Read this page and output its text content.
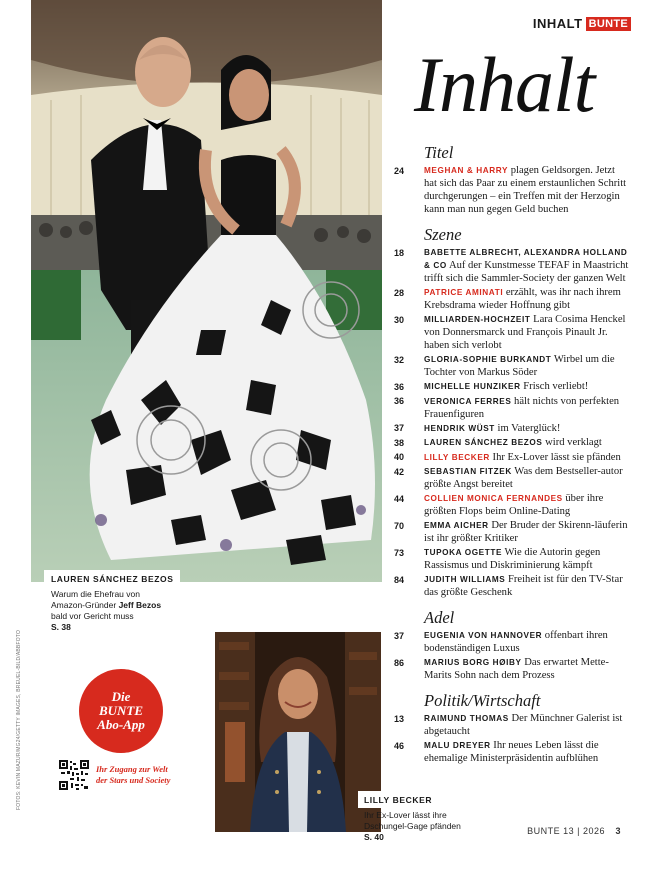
INHALT BUNTE
Inhalt
LAUREN SÁNCHEZ BEZOS
Warum die Ehefrau von
Amazon-Gründer Jeff Bezos
bald vor Gericht muss
S. 38
FOTOS: KEVIN MAZUR/MG24/GETTY IMAGES, BREUEL-BILD/ABBFOTO	Die
BUNTE
Abo-App
Ihr Zugang zur Welt
der Stars und Society
LILLY BECKER
Ihr Ex-Lover lässt ihre
Dschungel-Gage pfänden
S. 40
Titel
24	MEGHAN & HARRY plagen Geldsorgen. Jetzt hat sich das Paar zu einem erstaunlichen Schritt durchgerungen – ein Treffen mit der Herzogin kann man nun gegen Geld buchen
Szene
18	BABETTE ALBRECHT, ALEXANDRA HOLLAND & CO Auf der Kunstmesse TEFAF in Maastricht trifft sich die Sammler-Society der ganzen Welt
28	PATRICE AMINATI erzählt, was ihr nach ihrem Krebsdrama wieder Hoffnung gibt
30	MILLIARDEN-HOCHZEIT Lara Cosima Henckel von Donnersmarck und François Pinault Jr. haben sich verlobt
32	GLORIA-SOPHIE BURKANDT Wirbel um die Tochter von Markus Söder
36	MICHELLE HUNZIKER Frisch verliebt!
36	VERONICA FERRES hält nichts von perfekten Frauenfiguren
37	HENDRIK WÜST im Vaterglück!
38	LAUREN SÁNCHEZ BEZOS wird verklagt
40	LILLY BECKER Ihr Ex-Lover lässt sie pfänden
42	SEBASTIAN FITZEK Was dem Bestseller-autor größte Angst bereitet
44	COLLIEN MONICA FERNANDES über ihre größten Flops beim Online-Dating
70	EMMA AICHER Der Bruder der Skirenn-läuferin ist ihr größter Kritiker
73	TUPOKA OGETTE Wie die Autorin gegen Rassismus und Diskriminierung kämpft
84	JUDITH WILLIAMS Freiheit ist für den TV-Star das größte Geschenk
Adel
37	EUGENIA VON HANNOVER offenbart ihren bodenständigen Luxus
86	MARIUS BORG HØIBY Das erwartet Mette-Marits Sohn nach dem Prozess
Politik/Wirtschaft
13	RAIMUND THOMAS Der Münchner Galerist ist abgetaucht
46	MALU DREYER Ihr neues Leben lässt die ehemalige Ministerpräsidentin aufblühen
BUNTE 13 | 2026 3
